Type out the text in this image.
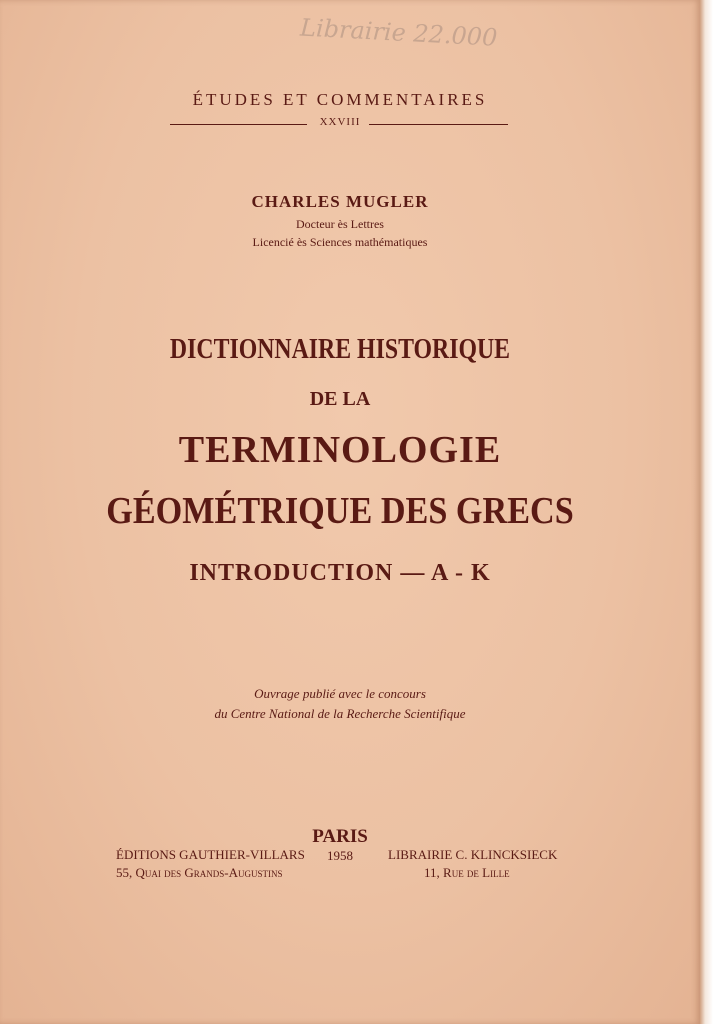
Librairie 22.000
ÉTUDES ET COMMENTAIRES
XXVIII
CHARLES MUGLER
Docteur ès Lettres
Licencié ès Sciences mathématiques
DICTIONNAIRE HISTORIQUE
DE LA
TERMINOLOGIE
GÉOMÉTRIQUE DES GRECS
INTRODUCTION — A - K
Ouvrage publié avec le concours
du Centre National de la Recherche Scientifique
PARIS
1958
ÉDITIONS GAUTHIER-VILLARS
55, Quai des Grands-Augustins
LIBRAIRIE C. KLINCKSIECK
11, Rue de Lille
